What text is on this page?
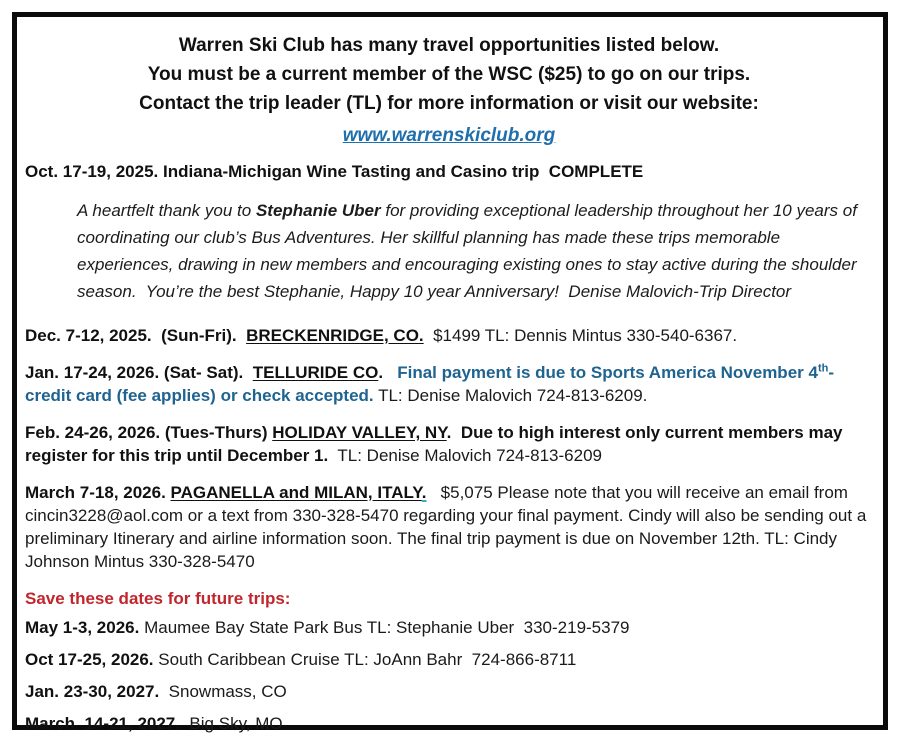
Warren Ski Club has many travel opportunities listed below.
You must be a current member of the WSC ($25) to go on our trips.
Contact the trip leader (TL) for more information or visit our website:
www.warrenskiclub.org

Oct. 17-19, 2025. Indiana-Michigan Wine Tasting and Casino trip  COMPLETE

A heartfelt thank you to Stephanie Uber for providing exceptional leadership throughout her 10 years of coordinating our club’s Bus Adventures. Her skillful planning has made these trips memorable experiences, drawing in new members and encouraging existing ones to stay active during the shoulder season.  You’re the best Stephanie, Happy 10 year Anniversary!  Denise Malovich-Trip Director

Dec. 7-12, 2025.  (Sun-Fri).  BRECKENRIDGE, CO.  $1499 TL: Dennis Mintus 330-540-6367.

Jan. 17-24, 2026. (Sat- Sat).  TELLURIDE CO.   Final payment is due to Sports America November 4th-credit card (fee applies) or check accepted. TL: Denise Malovich 724-813-6209.

Feb. 24-26, 2026. (Tues-Thurs) HOLIDAY VALLEY, NY.  Due to high interest only current members may register for this trip until December 1.  TL: Denise Malovich 724-813-6209

March 7-18, 2026. PAGANELLA and MILAN, ITALY.   $5,075 Please note that you will receive an email from cincin3228@aol.com or a text from 330-328-5470 regarding your final payment. Cindy will also be sending out a preliminary Itinerary and airline information soon. The final trip payment is due on November 12th. TL: Cindy Johnson Mintus 330-328-5470

Save these dates for future trips:

May 1-3, 2026. Maumee Bay State Park Bus TL: Stephanie Uber  330-219-5379

Oct 17-25, 2026. South Caribbean Cruise TL: JoAnn Bahr  724-866-8711

Jan. 23-30, 2027.  Snowmass, CO

March  14-21, 2027.  Big Sky, MO
